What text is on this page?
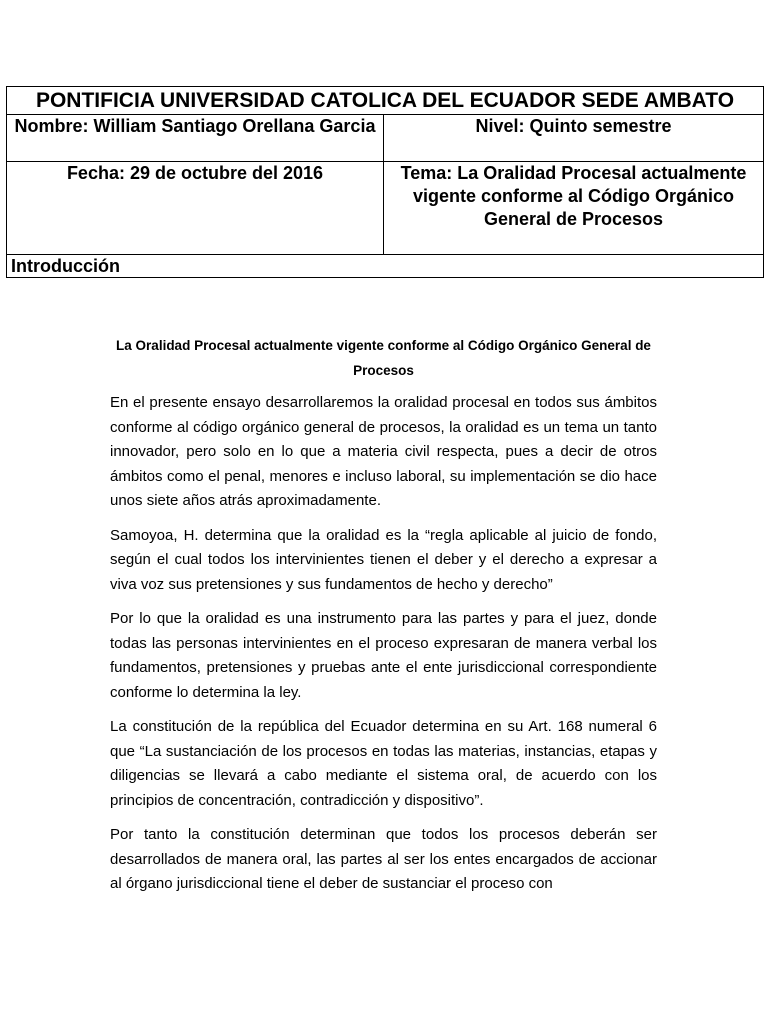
PONTIFICIA UNIVERSIDAD CATOLICA DEL ECUADOR SEDE AMBATO	
Nombre: William Santiago Orellana Garcia	Nivel: Quinto semestre
Fecha: 29 de octubre del 2016	Tema: La Oralidad Procesal actualmente vigente conforme al Código Orgánico General de Procesos
Introducción	
La Oralidad Procesal actualmente vigente conforme al Código Orgánico General de Procesos

En el presente ensayo desarrollaremos la oralidad procesal en todos sus ámbitos conforme al código orgánico general de procesos, la oralidad es un tema un tanto innovador, pero solo en lo que a materia civil respecta, pues a decir de otros ámbitos como el penal, menores e incluso laboral, su implementación se dio hace unos siete años atrás aproximadamente.

Samoyoa, H. determina que la oralidad es la “regla aplicable al juicio de fondo, según el cual todos los intervinientes tienen el deber y el derecho a expresar a viva voz sus pretensiones y sus fundamentos de hecho y derecho”

Por lo que la oralidad es una instrumento para las partes y para el juez, donde todas las personas intervinientes en el proceso expresaran de manera verbal los fundamentos, pretensiones y pruebas ante el ente jurisdiccional correspondiente conforme lo determina la ley.

La constitución de la república del Ecuador determina en su Art. 168 numeral 6 que “La sustanciación de los procesos en todas las materias, instancias, etapas y diligencias se llevará a cabo mediante el sistema oral, de acuerdo con los principios de concentración, contradicción y dispositivo”.

Por tanto la constitución determinan que todos los procesos deberán ser desarrollados de manera oral, las partes al ser los entes encargados de accionar al órgano jurisdiccional tiene el deber de sustanciar el proceso con
